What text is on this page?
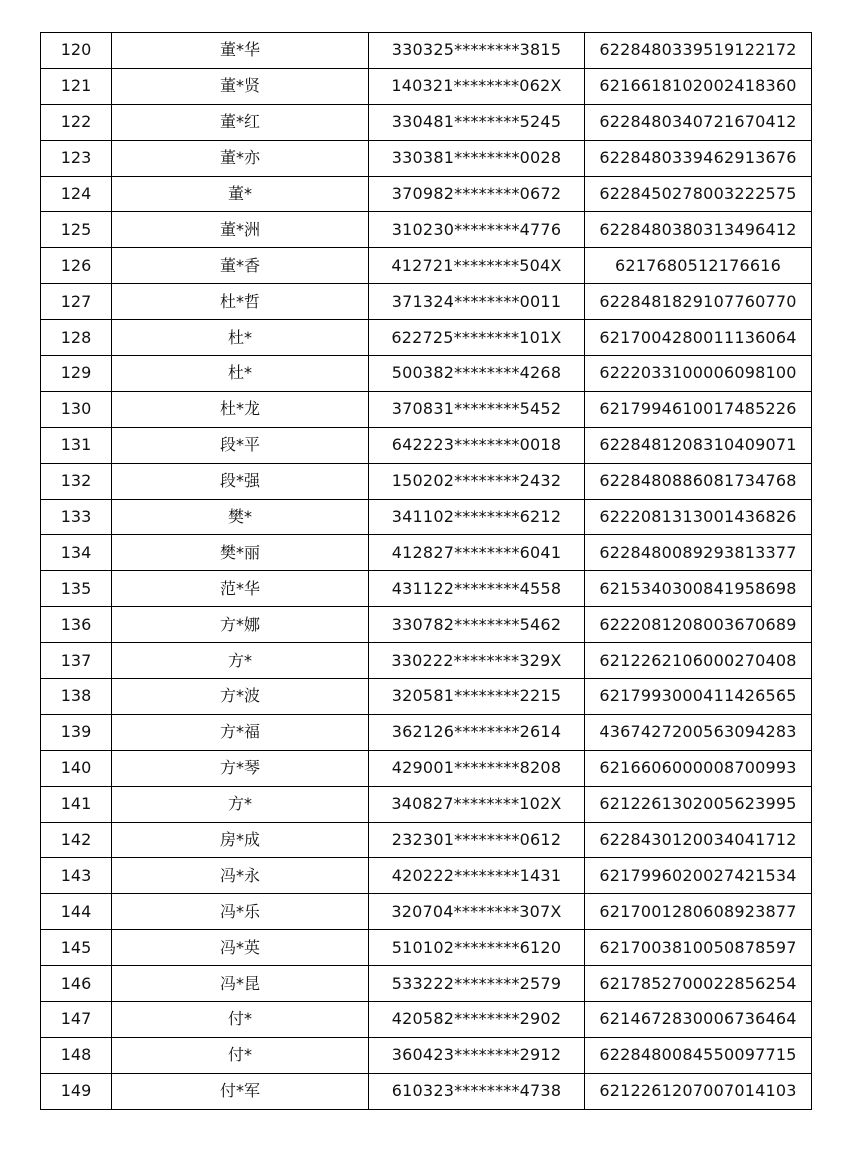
120	董*华	330325********3815	6228480339519122172
121	董*贤	140321********062X	6216618102002418360
122	董*红	330481********5245	6228480340721670412
123	董*亦	330381********0028	6228480339462913676
124	董*	370982********0672	6228450278003222575
125	董*洲	310230********4776	6228480380313496412
126	董*香	412721********504X	6217680512176616
127	杜*哲	371324********0011	6228481829107760770
128	杜*	622725********101X	6217004280011136064
129	杜*	500382********4268	6222033100006098100
130	杜*龙	370831********5452	6217994610017485226
131	段*平	642223********0018	6228481208310409071
132	段*强	150202********2432	6228480886081734768
133	樊*	341102********6212	6222081313001436826
134	樊*丽	412827********6041	6228480089293813377
135	范*华	431122********4558	6215340300841958698
136	方*娜	330782********5462	6222081208003670689
137	方*	330222********329X	6212262106000270408
138	方*波	320581********2215	6217993000411426565
139	方*福	362126********2614	4367427200563094283
140	方*琴	429001********8208	6216606000008700993
141	方*	340827********102X	6212261302005623995
142	房*成	232301********0612	6228430120034041712
143	冯*永	420222********1431	6217996020027421534
144	冯*乐	320704********307X	6217001280608923877
145	冯*英	510102********6120	6217003810050878597
146	冯*昆	533222********2579	6217852700022856254
147	付*	420582********2902	6214672830006736464
148	付*	360423********2912	6228480084550097715
149	付*军	610323********4738	6212261207007014103
